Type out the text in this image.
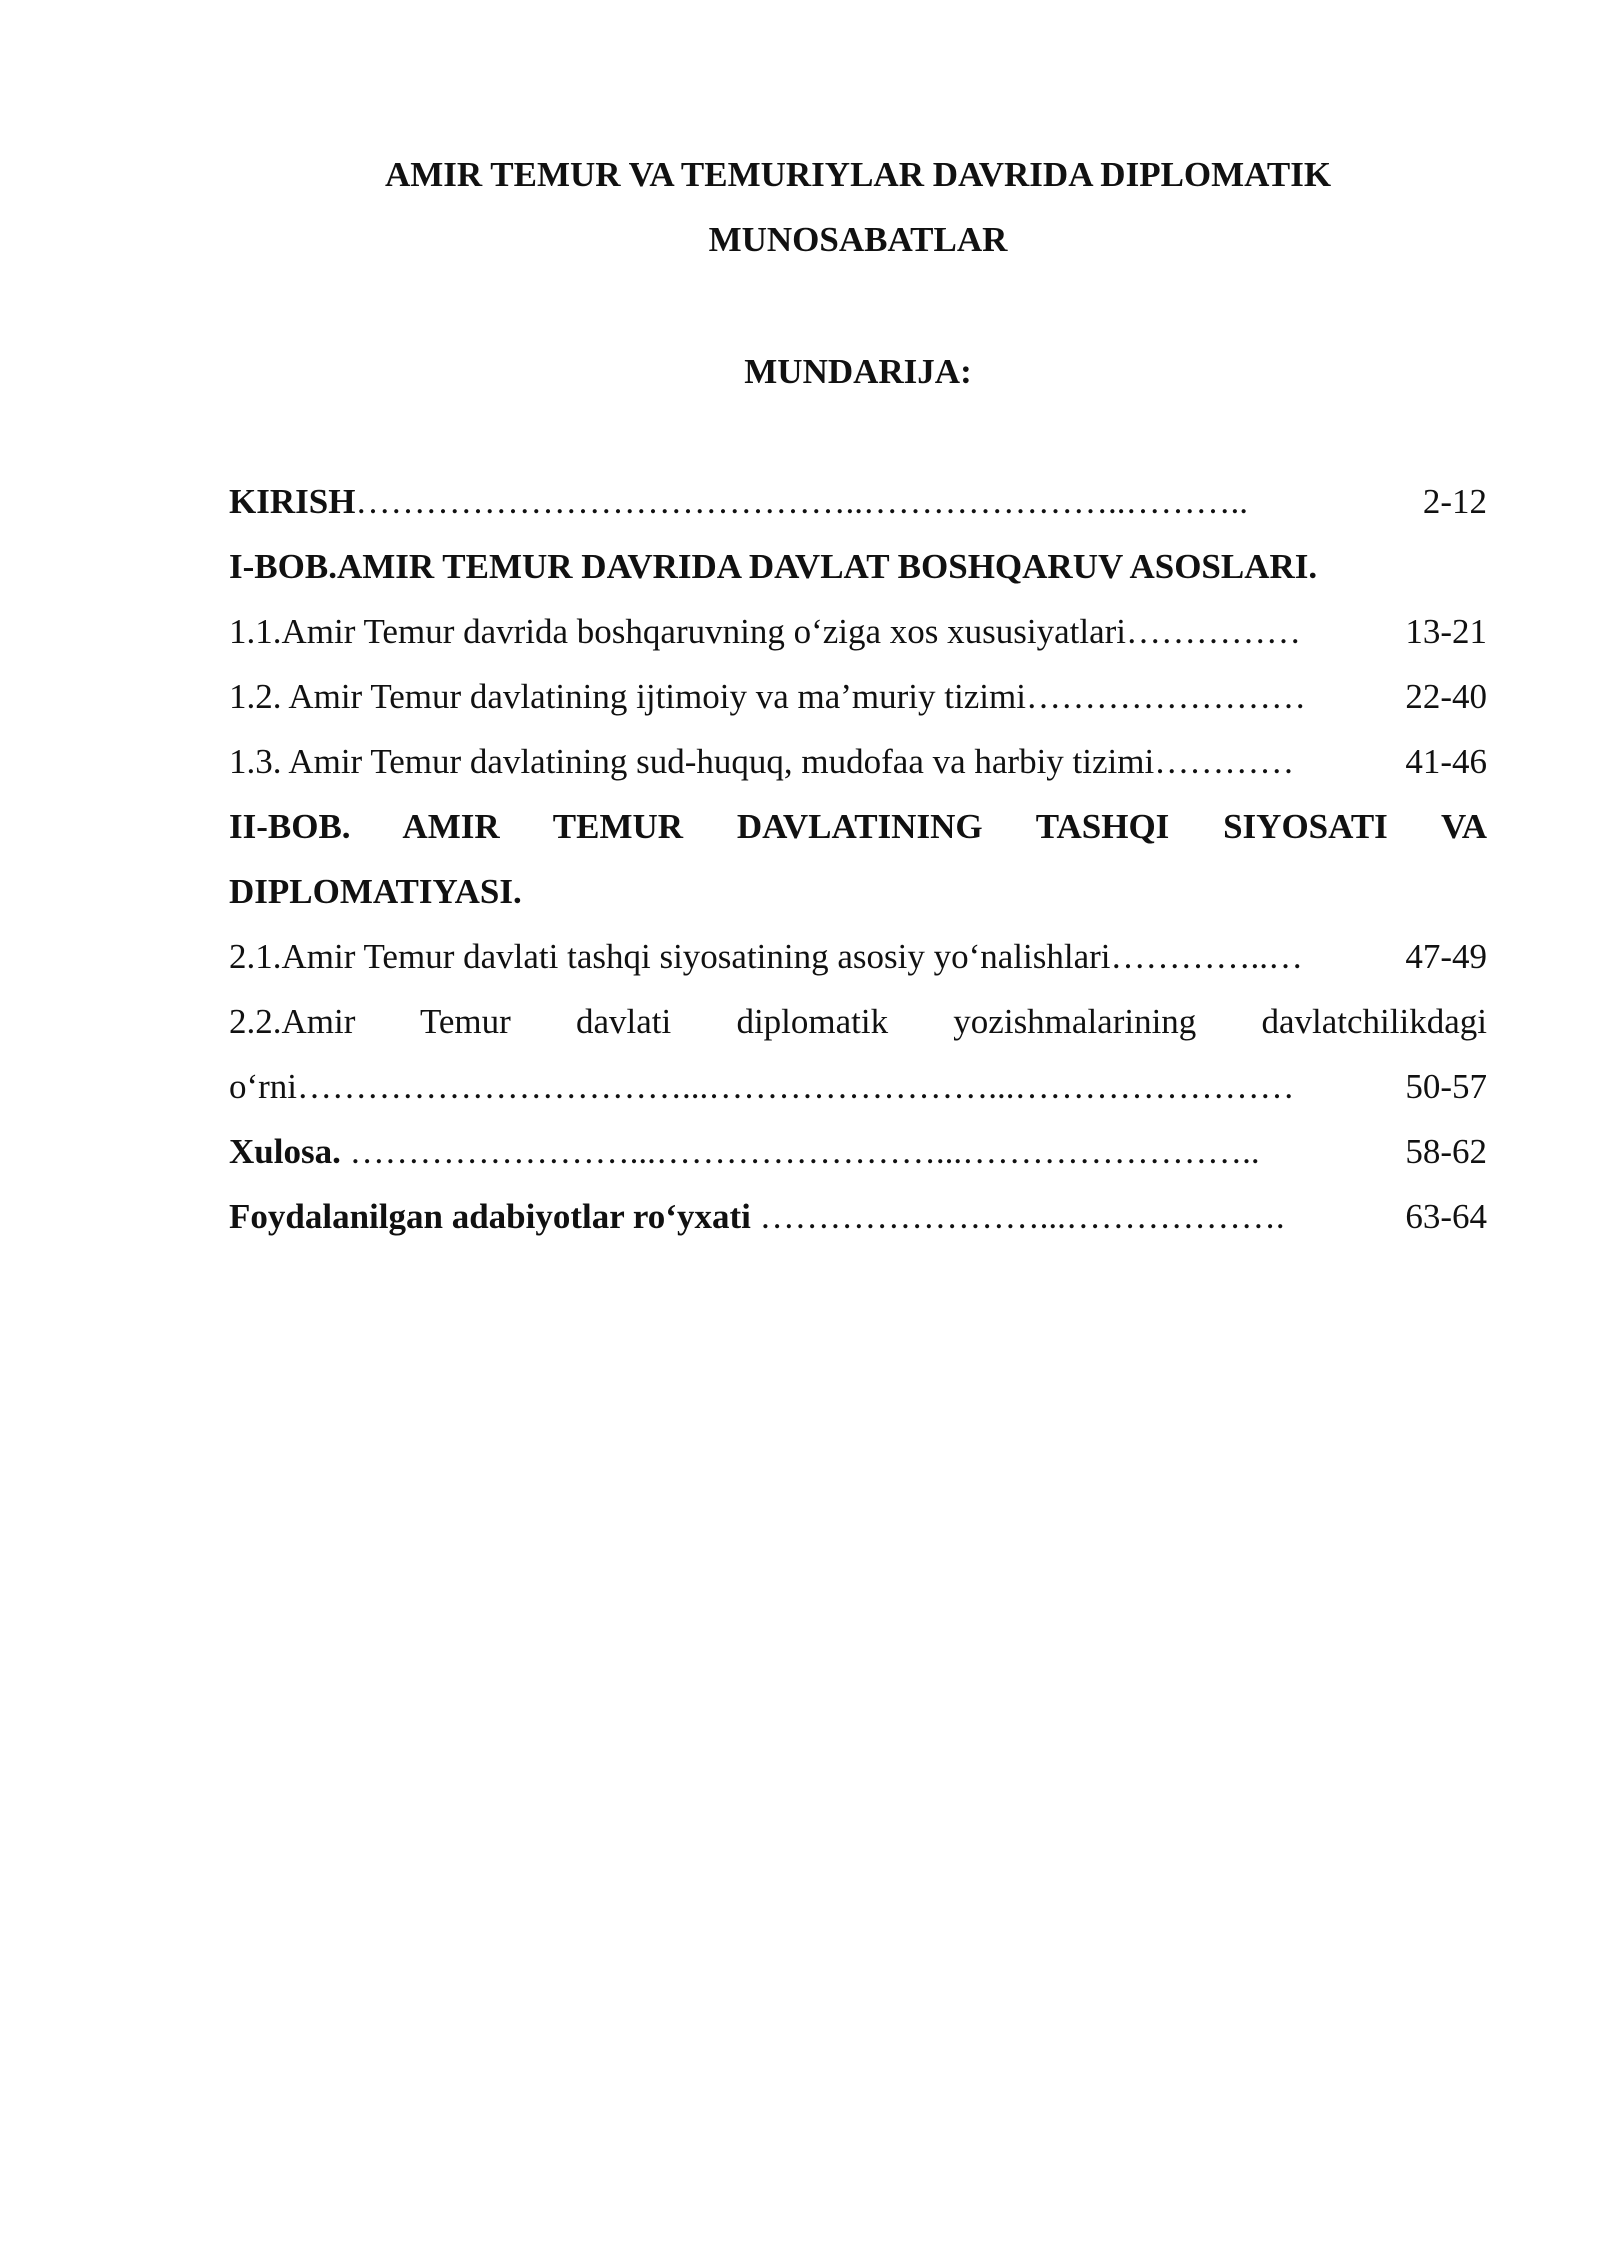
AMIR TEMUR VA TEMURIYLAR DAVRIDA DIPLOMATIK
MUNOSABATLAR
MUNDARIJA:
KIRISH ……………………………………..…………………..………..	2-12
I-BOB.AMIR TEMUR DAVRIDA DAVLAT BOSHQARUV ASOSLARI.
1.1.Amir Temur davrida boshqaruvning o‘ziga xos xususiyatlari ……………	13-21
1.2. Amir Temur davlatining ijtimoiy va ma’muriy tizimi ……………………	22-40
1.3. Amir Temur davlatining sud-huquq, mudofaa va harbiy tizimi …………	41-46
II-BOB. AMIR TEMUR DAVLATINING TASHQI SIYOSATI VA
DIPLOMATIYASI.
2.1.Amir Temur davlati tashqi siyosatining asosiy yo‘nalishlari …………..…	47-49
2.2.Amir Temur davlati diplomatik yozishmalarining davlatchilikdagi
o‘rni ……………………………...……………………...……………………	50-57
Xulosa. ……………………...……………………...……………………..	58-62
Foydalanilgan adabiyotlar ro‘yxati ……………………...……………….	63-64
